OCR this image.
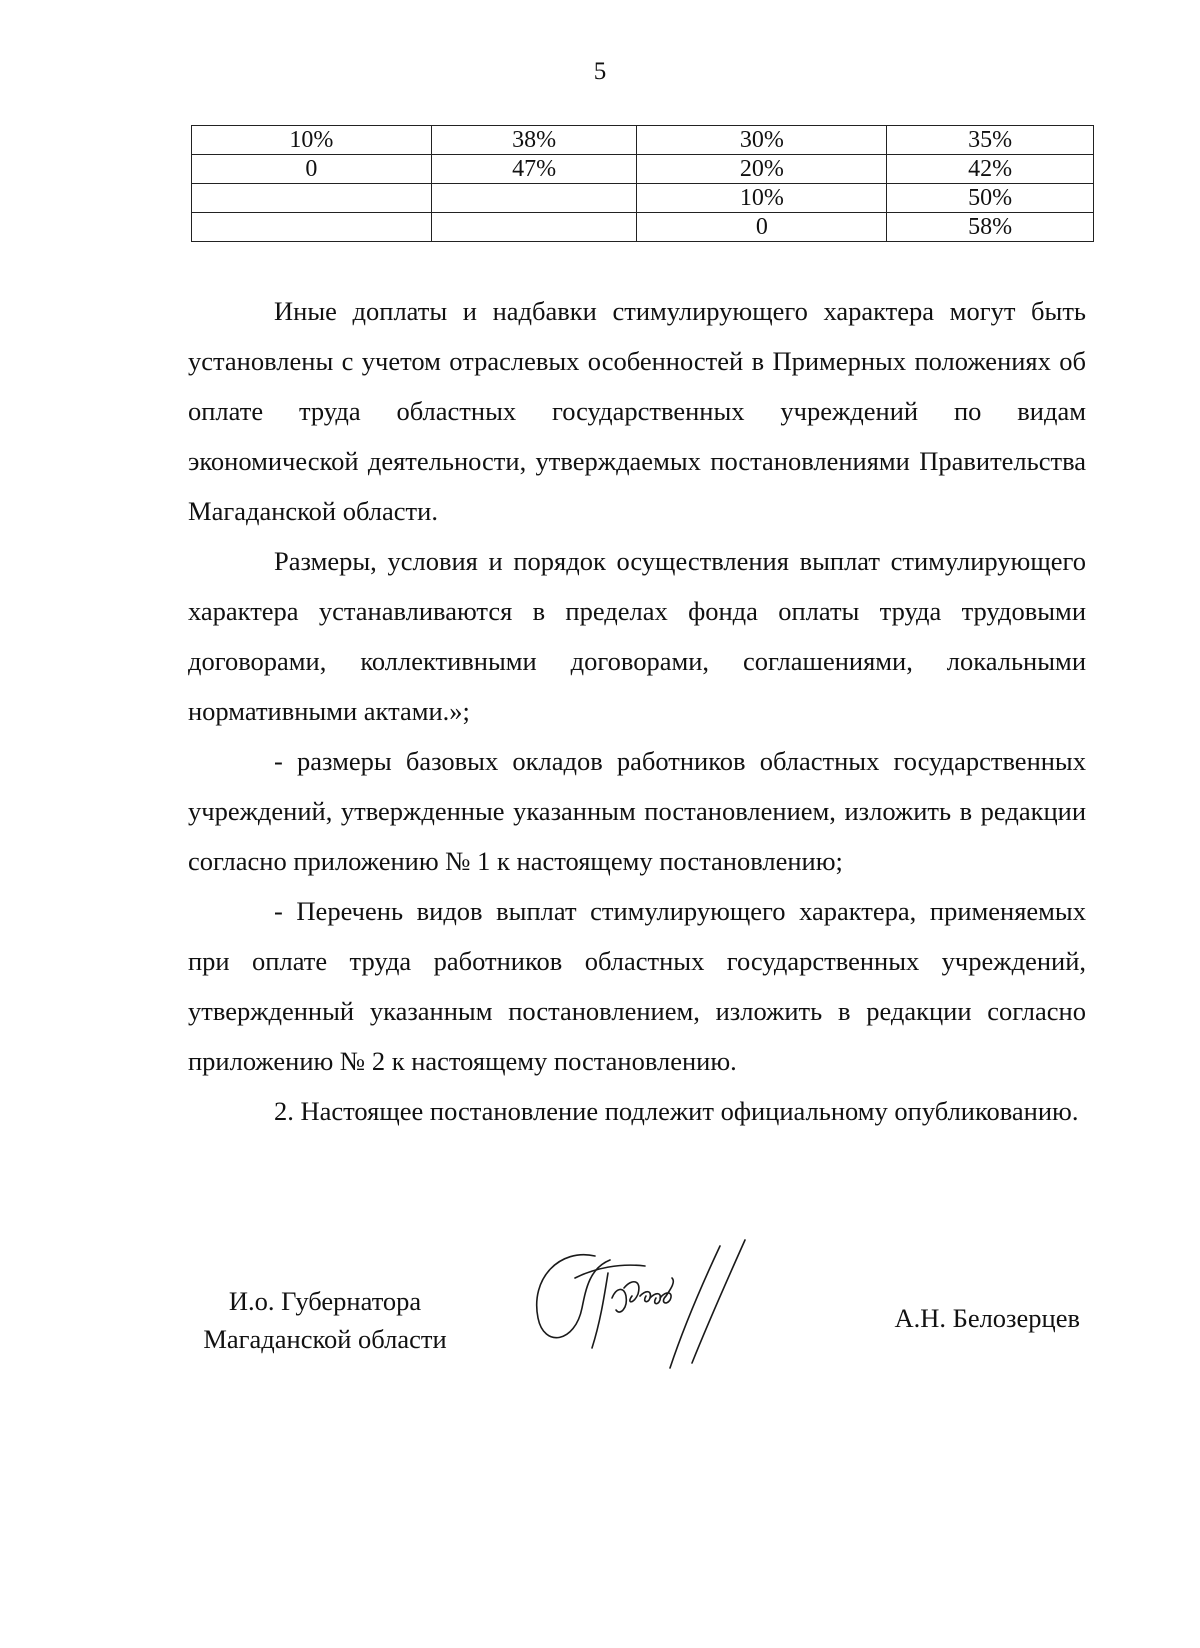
5
10%	38%	30%	35%
0	47%	20%	42%
		10%	50%
		0	58%

Иные доплаты и надбавки стимулирующего характера могут быть установлены с учетом отраслевых особенностей в Примерных положениях об оплате труда областных государственных учреждений по видам экономической деятельности, утверждаемых постановлениями Правительства Магаданской области.

Размеры, условия и порядок осуществления выплат стимулирующего характера устанавливаются в пределах фонда оплаты труда трудовыми договорами, коллективными договорами, соглашениями, локальными нормативными актами.»;

- размеры базовых окладов работников областных государственных учреждений, утвержденные указанным постановлением, изложить в редакции согласно приложению № 1 к настоящему постановлению;

- Перечень видов выплат стимулирующего характера, применяемых при оплате труда работников областных государственных учреждений, утвержденный указанным постановлением, изложить в редакции согласно приложению № 2 к настоящему постановлению.

2. Настоящее постановление подлежит официальному опубликованию.

И.о. Губернатора
Магаданской области
А.Н. Белозерцев
